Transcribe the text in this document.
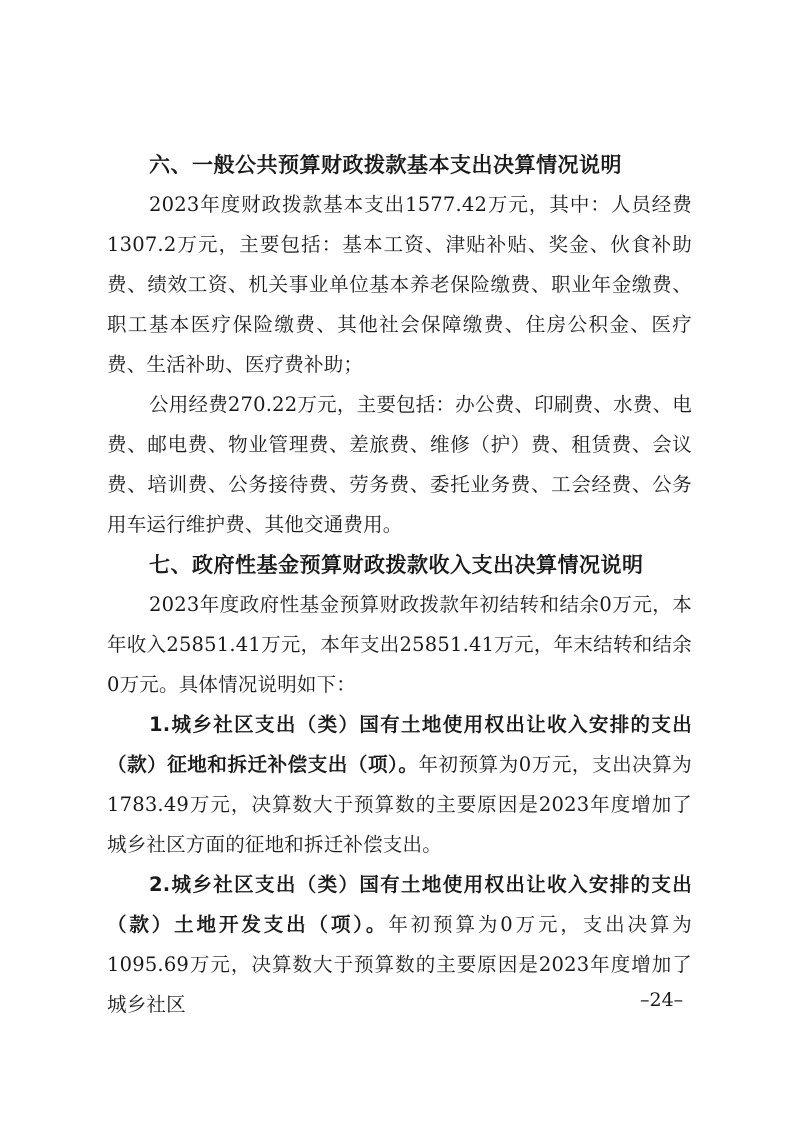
六、一般公共预算财政拨款基本支出决算情况说明

2023年度财政拨款基本支出1577.42万元，其中：人员经费1307.2万元，主要包括：基本工资、津贴补贴、奖金、伙食补助费、绩效工资、机关事业单位基本养老保险缴费、职业年金缴费、职工基本医疗保险缴费、其他社会保障缴费、住房公积金、医疗费、生活补助、医疗费补助；

公用经费270.22万元，主要包括：办公费、印刷费、水费、电费、邮电费、物业管理费、差旅费、维修（护）费、租赁费、会议费、培训费、公务接待费、劳务费、委托业务费、工会经费、公务用车运行维护费、其他交通费用。

七、政府性基金预算财政拨款收入支出决算情况说明

2023年度政府性基金预算财政拨款年初结转和结余0万元，本年收入25851.41万元，本年支出25851.41万元，年末结转和结余0万元。具体情况说明如下：

1.城乡社区支出（类）国有土地使用权出让收入安排的支出（款）征地和拆迁补偿支出（项）。年初预算为0万元，支出决算为1783.49万元，决算数大于预算数的主要原因是2023年度增加了城乡社区方面的征地和拆迁补偿支出。

2.城乡社区支出（类）国有土地使用权出让收入安排的支出（款）土地开发支出（项）。年初预算为0万元，支出决算为1095.69万元，决算数大于预算数的主要原因是2023年度增加了城乡社区	–24–
